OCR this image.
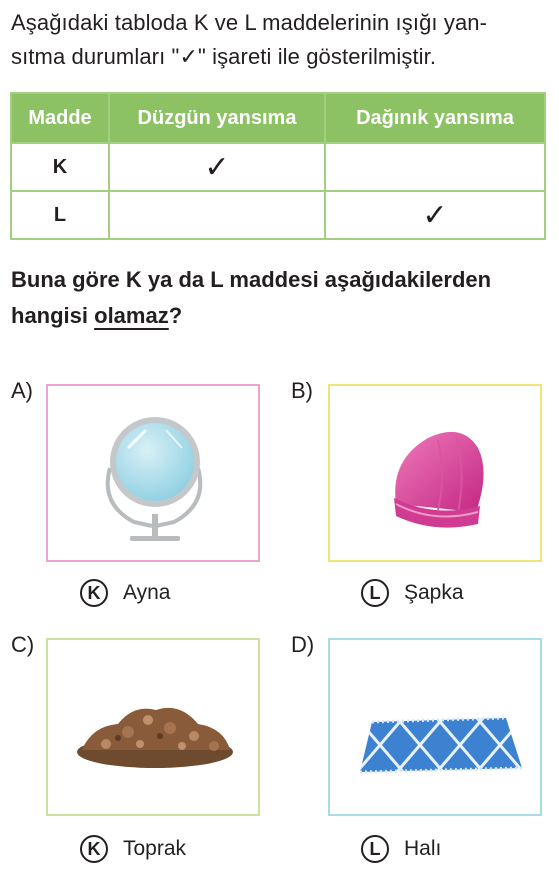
Aşağıdaki tabloda K ve L maddelerinin ışığı yan-
sıtma durumları "✓" işareti ile gösterilmiştir.
Madde	Düzgün yansıma	Dağınık yansıma
K	✓	
L		✓
Buna göre K ya da L maddesi aşağıdakilerden
hangisi olamaz?
A)
K	Ayna
B)
L	Şapka
C)
K	Toprak
D)
L	Halı
